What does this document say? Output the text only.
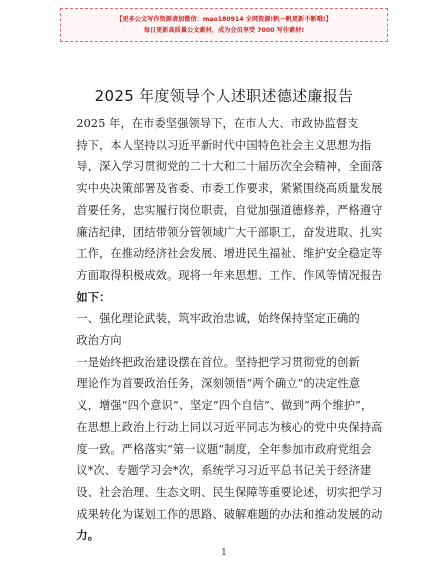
【更多公文写作资源请加微信：mao180914 全网资源!帆一帆更新不断哦!】
每日更新高质量公文素材，成为会员享受 7000 写作素材!
2025 年度领导个人述职述德述廉报告
2025 年，在市委坚强领导下，在市人大、市政协监督支
持下，本人坚持以习近平新时代中国特色社会主义思想为指
导，深入学习贯彻党的二十大和二十届历次全会精神，全面落
实中央决策部署及省委、市委工作要求，紧紧围绕高质量发展
首要任务，忠实履行岗位职责，自觉加强道德修养，严格遵守
廉洁纪律，团结带领分管领域广大干部职工，奋发进取、扎实
工作，在推动经济社会发展、增进民生福祉、维护安全稳定等
方面取得积极成效。现将一年来思想、工作、作风等情况报告
如下：
一、强化理论武装，筑牢政治忠诚，始终保持坚定正确的
政治方向
一是始终把政治建设摆在首位。坚持把学习贯彻党的创新
理论作为首要政治任务，深刻领悟“两个确立”的决定性意
义，增强“四个意识”、坚定“四个自信”、做到“两个维护”，
在思想上政治上行动上同以习近平同志为核心的党中央保持高
度一致。严格落实“第一议题”制度，全年参加市政府党组会
议*次、专题学习会*次，系统学习习近平总书记关于经济建
设、社会治理、生态文明、民生保障等重要论述，切实把学习
成果转化为谋划工作的思路、破解难题的办法和推动发展的动
力。
1
